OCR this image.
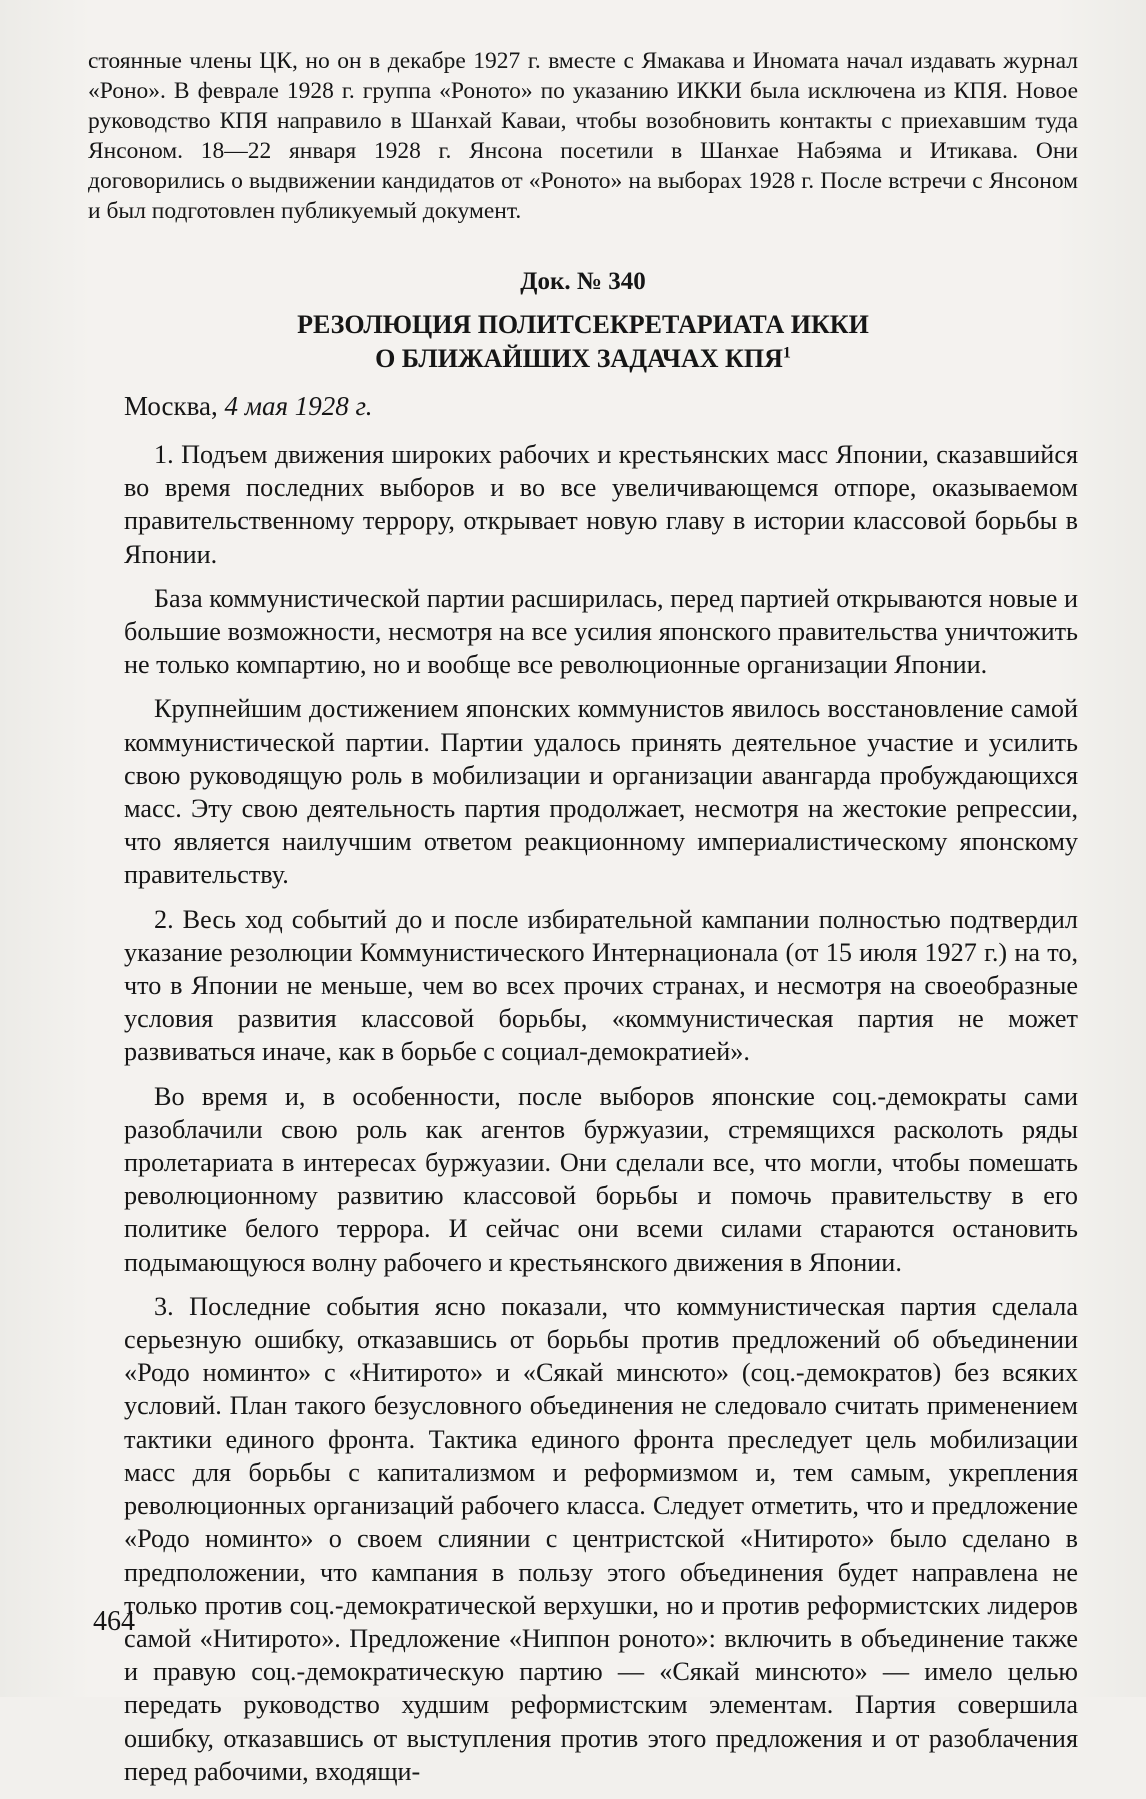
стоянные члены ЦК, но он в декабре 1927 г. вместе с Ямакава и Иномата начал издавать журнал «Роно». В феврале 1928 г. группа «Роното» по указанию ИККИ была исключена из КПЯ. Новое руководство КПЯ направило в Шанхай Каваи, чтобы возобновить контакты с приехавшим туда Янсоном. 18—22 января 1928 г. Янсона посетили в Шанхае Набэяма и Итикава. Они договорились о выдвижении кандидатов от «Роното» на выборах 1928 г. После встречи с Янсоном и был подготовлен публикуемый документ.

Док. № 340
РЕЗОЛЮЦИЯ ПОЛИТСЕКРЕТАРИАТА ИККИ
О БЛИЖАЙШИХ ЗАДАЧАХ КПЯ$^1$
Москва, 4 мая 1928 г.

1. Подъем движения широких рабочих и крестьянских масс Японии, сказавшийся во время последних выборов и во все увеличивающемся отпоре, оказываемом правительственному террору, открывает новую главу в истории классовой борьбы в Японии.

База коммунистической партии расширилась, перед партией открываются новые и большие возможности, несмотря на все усилия японского правительства уничтожить не только компартию, но и вообще все революционные организации Японии.

Крупнейшим достижением японских коммунистов явилось восстановление самой коммунистической партии. Партии удалось принять деятельное участие и усилить свою руководящую роль в мобилизации и организации авангарда пробуждающихся масс. Эту свою деятельность партия продолжает, несмотря на жестокие репрессии, что является наилучшим ответом реакционному империалистическому японскому правительству.

2. Весь ход событий до и после избирательной кампании полностью подтвердил указание резолюции Коммунистического Интернационала (от 15 июля 1927 г.) на то, что в Японии не меньше, чем во всех прочих странах, и несмотря на своеобразные условия развития классовой борьбы, «коммунистическая партия не может развиваться иначе, как в борьбе с социал-демократией».

Во время и, в особенности, после выборов японские соц.-демократы сами разоблачили свою роль как агентов буржуазии, стремящихся расколоть ряды пролетариата в интересах буржуазии. Они сделали все, что могли, чтобы помешать революционному развитию классовой борьбы и помочь правительству в его политике белого террора. И сейчас они всеми силами стараются остановить подымающуюся волну рабочего и крестьянского движения в Японии.

3. Последние события ясно показали, что коммунистическая партия сделала серьезную ошибку, отказавшись от борьбы против предложений об объединении «Родо номинто» с «Нитирото» и «Сякай минсюто» (соц.-демократов) без всяких условий. План такого безусловного объединения не следовало считать применением тактики единого фронта. Тактика единого фронта преследует цель мобилизации масс для борьбы с капитализмом и реформизмом и, тем самым, укрепления революционных организаций рабочего класса. Следует отметить, что и предложение «Родо номинто» о своем слиянии с центристской «Нитирото» было сделано в предположении, что кампания в пользу этого объединения будет направлена не только против соц.-демократической верхушки, но и против реформистских лидеров самой «Нитирото». Предложение «Ниппон роното»: включить в объединение также и правую соц.-демократическую партию — «Сякай минсюто» — имело целью передать руководство худшим реформистским элементам. Партия совершила ошибку, отказавшись от выступления против этого предложения и от разоблачения перед рабочими, входящи-

464
